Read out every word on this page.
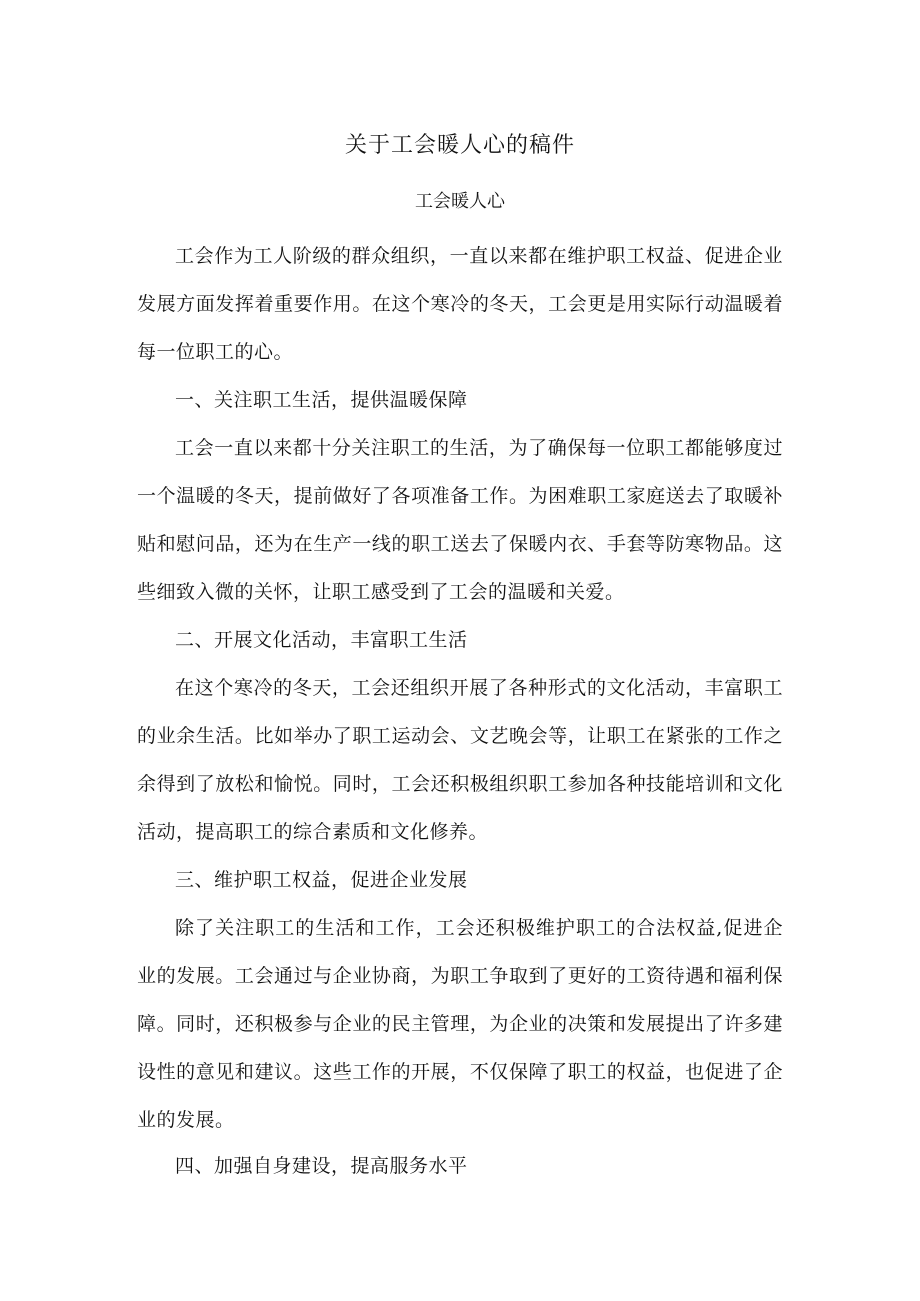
关于工会暖人心的稿件
工会暖人心

工会作为工人阶级的群众组织，一直以来都在维护职工权益、促进企业发展方面发挥着重要作用。在这个寒冷的冬天，工会更是用实际行动温暖着每一位职工的心。

一、关注职工生活，提供温暖保障

工会一直以来都十分关注职工的生活，为了确保每一位职工都能够度过一个温暖的冬天，提前做好了各项准备工作。为困难职工家庭送去了取暖补贴和慰问品，还为在生产一线的职工送去了保暖内衣、手套等防寒物品。这些细致入微的关怀，让职工感受到了工会的温暖和关爱。

二、开展文化活动，丰富职工生活

在这个寒冷的冬天，工会还组织开展了各种形式的文化活动，丰富职工的业余生活。比如举办了职工运动会、文艺晚会等，让职工在紧张的工作之余得到了放松和愉悦。同时，工会还积极组织职工参加各种技能培训和文化活动，提高职工的综合素质和文化修养。

三、维护职工权益，促进企业发展

除了关注职工的生活和工作，工会还积极维护职工的合法权益,促进企业的发展。工会通过与企业协商，为职工争取到了更好的工资待遇和福利保障。同时，还积极参与企业的民主管理，为企业的决策和发展提出了许多建设性的意见和建议。这些工作的开展，不仅保障了职工的权益，也促进了企业的发展。

四、加强自身建设，提高服务水平
